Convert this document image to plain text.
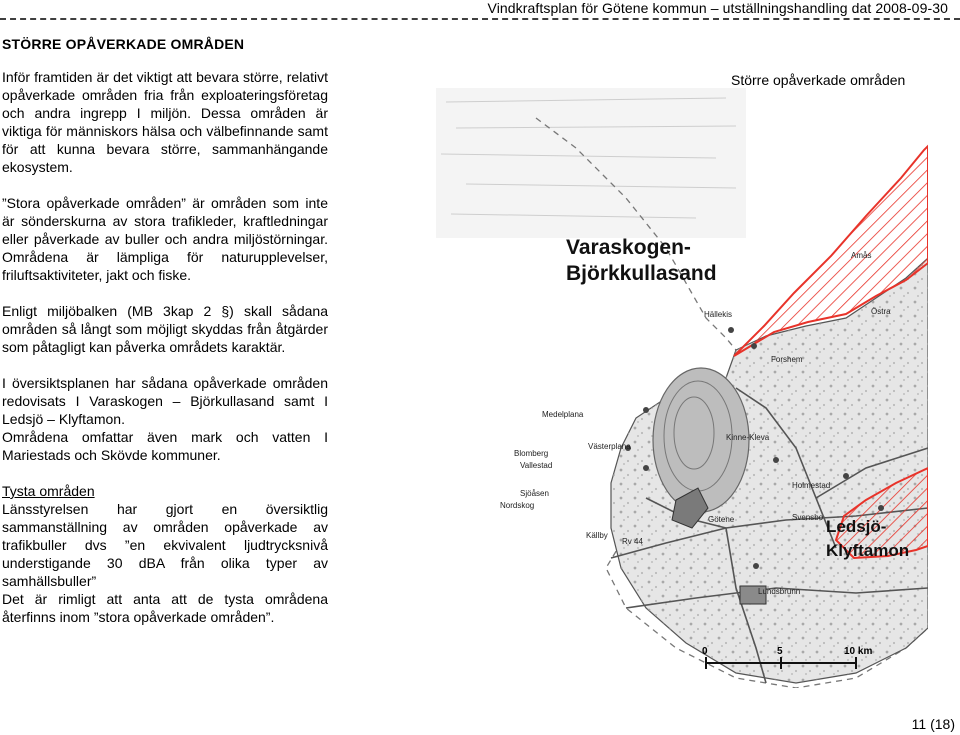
Vindkraftsplan för Götene kommun – utställningshandling dat 2008-09-30
STÖRRE OPÅVERKADE OMRÅDEN

Inför framtiden är det viktigt att bevara större, relativt opåverkade områden fria från exploateringsföretag och andra ingrepp I miljön. Dessa områden är viktiga för människors hälsa och välbefinnande samt för att kunna bevara större, sammanhängande ekosystem.

”Stora opåverkade områden” är områden som inte är sönderskurna av stora trafikleder, kraftledningar eller påverkade av buller och andra miljöstörningar. Områdena är lämpliga för naturupplevelser, friluftsaktiviteter, jakt och fiske.

Enligt miljöbalken (MB 3kap 2 §) skall sådana områden så långt som möjligt skyddas från åtgärder som påtagligt kan påverka områdets karaktär.

I översiktsplanen har sådana opåverkade områden redovisats I Varaskogen – Björkullasand samt I Ledsjö – Klyftamon.

Områdena omfattar även mark och vatten I Mariestads och Skövde kommuner.

Tysta områden

Länsstyrelsen har gjort en översiktlig sammanställning av områden opåverkade av trafikbuller dvs ”en ekvivalent ljudtrycksnivå understigande 30 dBA från olika typer av samhällsbuller”

Det är rimligt att anta att de tysta områdena återfinns inom ”stora opåverkade områden”.

Större opåverkade områden
Varaskogen-
Björkkullasand
Ledsjö-
Klyftamon
Hällekis
Forshem
Medelplana
Västerplana
Blomberg
Vallestad
Sjöåsen
Nordskog
Kinne-Kleva
Holmestad
Svensbo
Götene
Källby
Lundsbrunn
Rv 44
Östra
Amås
0	5	10 km
11 (18)
